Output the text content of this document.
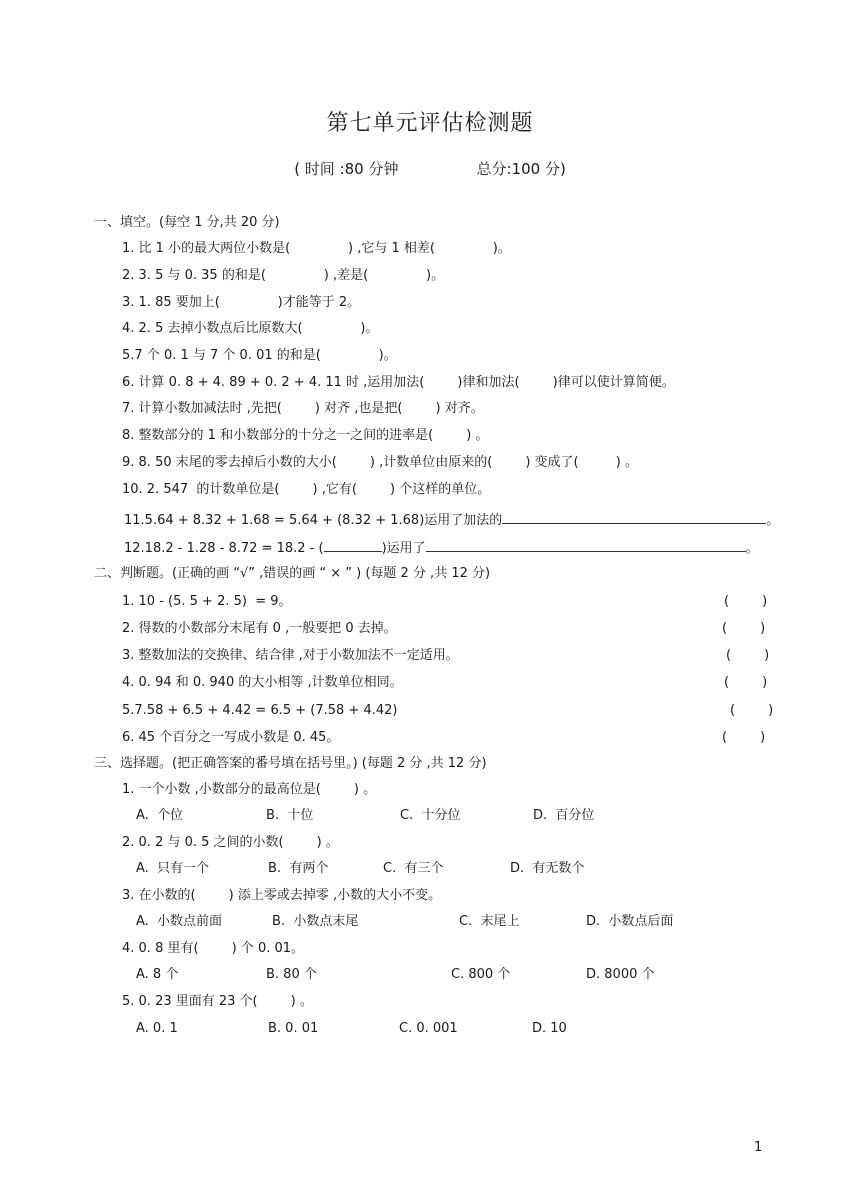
第七单元评估检测题
( 时间 :80 分钟	总分:100 分)
一、填空。(每空 1 分,共 20 分)
1. 比 1 小的最大两位小数是(              ) ,它与 1 相差(              )。
2. 3. 5 与 0. 35 的和是(              ) ,差是(              )。
3. 1. 85 要加上(              )才能等于 2。
4. 2. 5 去掉小数点后比原数大(              )。
5.7 个 0. 1 与 7 个 0. 01 的和是(              )。
6. 计算 0. 8 + 4. 89 + 0. 2 + 4. 11 时 ,运用加法(        )律和加法(        )律可以使计算简便。
7. 计算小数加减法时 ,先把(        ) 对齐 ,也是把(        ) 对齐。
8. 整数部分的 1 和小数部分的十分之一之间的进率是(        ) 。
9. 8. 50 末尾的零去掉后小数的大小(        ) ,计数单位由原来的(        ) 变成了(         ) 。
10. 2. 547  的计数单位是(        ) ,它有(        ) 个这样的单位。
11.5.64 + 8.32 + 1.68 = 5.64 + (8.32 + 1.68)运用了加法的	。
12.18.2 - 1.28 - 8.72 = 18.2 - (	)运用了	。
二、判断题。(正确的画 “√” ,错误的画 “ × ” ) (每题 2 分 ,共 12 分)
1. 10 - (5. 5 + 2. 5)  = 9。	(        )
2. 得数的小数部分末尾有 0 ,一般要把 0 去掉。	(        )
3. 整数加法的交换律、结合律 ,对于小数加法不一定适用。	(        )
4. 0. 94 和 0. 940 的大小相等 ,计数单位相同。	(        )
5.7.58 + 6.5 + 4.42 = 6.5 + (7.58 + 4.42)	(        )
6. 45 个百分之一写成小数是 0. 45。	(        )
三、选择题。(把正确答案的番号填在括号里。) (每题 2 分 ,共 12 分)
1. 一个小数 ,小数部分的最高位是(        ) 。
A.  个位	B.  十位	C.  十分位	D.  百分位
2. 0. 2 与 0. 5 之间的小数(        ) 。
A.  只有一个	B.  有两个	C.  有三个	D.  有无数个
3. 在小数的(        ) 添上零或去掉零 ,小数的大小不变。
A.  小数点前面	B.  小数点末尾	C.  末尾上	D.  小数点后面
4. 0. 8 里有(        ) 个 0. 01。
A. 8 个	B. 80 个	C. 800 个	D. 8000 个
5. 0. 23 里面有 23 个(        ) 。
A. 0. 1	B. 0. 01	C. 0. 001	D. 10
1
